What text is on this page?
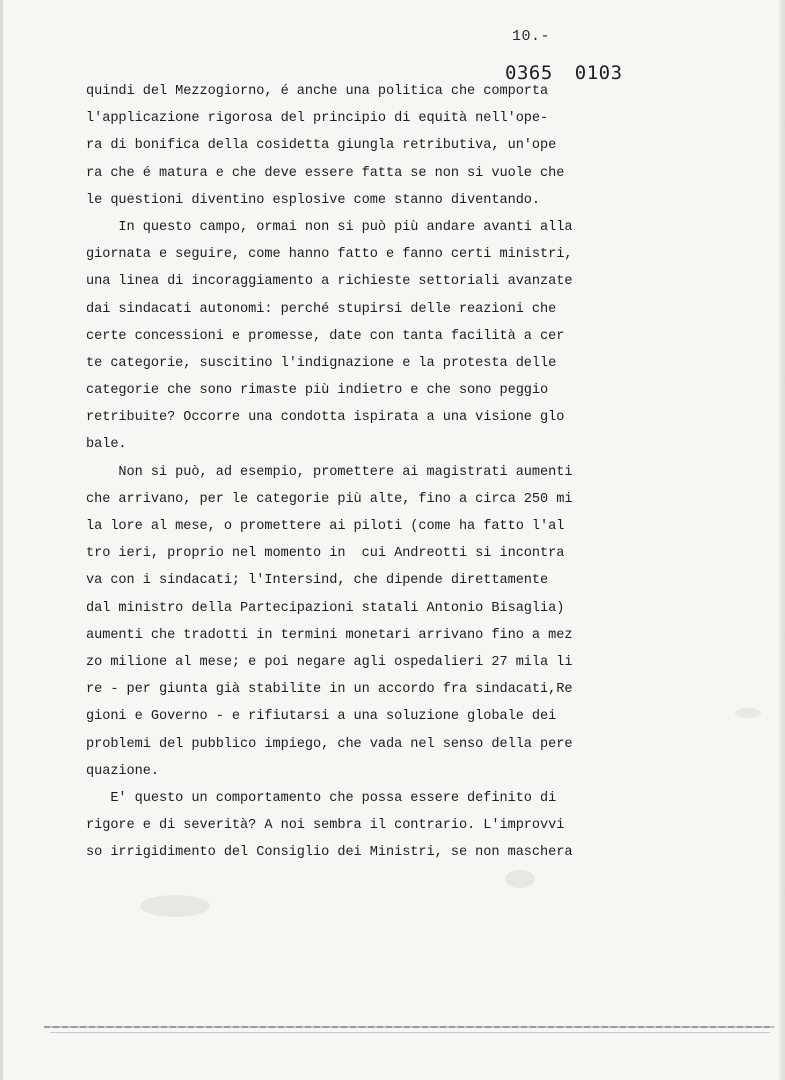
10.-
0365 0103
quindi del Mezzogiorno, é anche una politica che comporta
l'applicazione rigorosa del principio di equità nell'ope-
ra di bonifica della cosidetta giungla retributiva, un'ope
ra che é matura e che deve essere fatta se non si vuole che
le questioni diventino esplosive come stanno diventando.
In questo campo, ormai non si può più andare avanti alla
giornata e seguire, come hanno fatto e fanno certi ministri,
una linea di incoraggiamento a richieste settoriali avanzate
dai sindacati autonomi: perché stupirsi delle reazioni che
certe concessioni e promesse, date con tanta facilità a cer
te categorie, suscitino l'indignazione e la protesta delle
categorie che sono rimaste più indietro e che sono peggio
retribuite? Occorre una condotta ispirata a una visione glo
bale.
Non si può, ad esempio, promettere ai magistrati aumenti
che arrivano, per le categorie più alte, fino a circa 250 mi
la lore al mese, o promettere ai piloti (come ha fatto l'al
tro ieri, proprio nel momento in  cui Andreotti si incontra
va con i sindacati; l'Intersind, che dipende direttamente
dal ministro della Partecipazioni statali Antonio Bisaglia)
aumenti che tradotti in termini monetari arrivano fino a mez
zo milione al mese; e poi negare agli ospedalieri 27 mila li
re - per giunta già stabilite in un accordo fra sindacati,Re
gioni e Governo - e rifiutarsi a una soluzione globale dei
problemi del pubblico impiego, che vada nel senso della pere
quazione.
E' questo un comportamento che possa essere definito di
rigore e di severità? A noi sembra il contrario. L'improvvi
so irrigidimento del Consiglio dei Ministri, se non maschera
